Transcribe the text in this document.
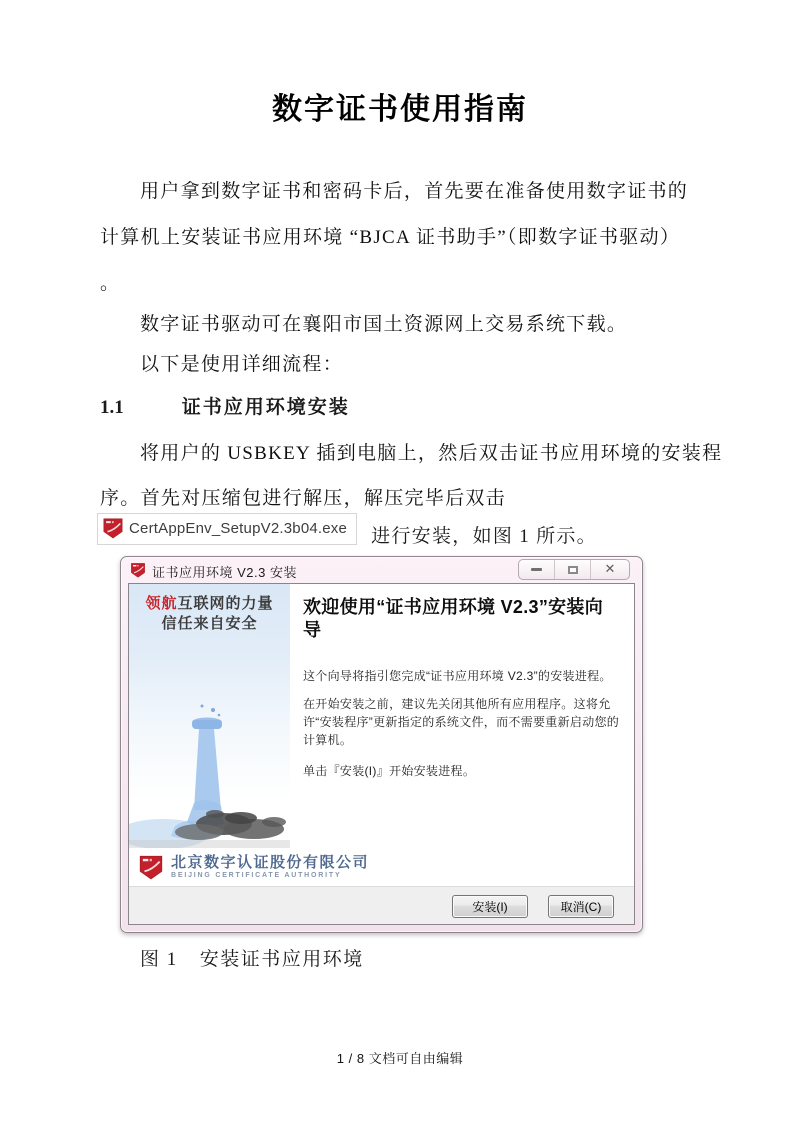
数字证书使用指南
用户拿到数字证书和密码卡后，首先要在准备使用数字证书的
计算机上安装证书应用环境 “BJCA 证书助手”（即数字证书驱动）
。
数字证书驱动可在襄阳市国土资源网上交易系统下载。
以下是使用详细流程：
1.1	证书应用环境安装
将用户的 USBKEY 插到电脑上，然后双击证书应用环境的安装程
序。首先对压缩包进行解压，解压完毕后双击
CertAppEnv_SetupV2.3b04.exe 进行安装，如图 1 所示。
证书应用环境 V2.3 安装	✕
领航互联网的力量
信任来自安全
欢迎使用“证书应用环境 V2.3”安装向导

这个向导将指引您完成“证书应用环境 V2.3”的安装进程。

在开始安装之前，建议先关闭其他所有应用程序。这将允许“安装程序”更新指定的系统文件，而不需要重新启动您的计算机。

单击『安装(I)』开始安装进程。

北京数字认证股份有限公司
BEIJING CERTIFICATE AUTHORITY
安装(I)	取消(C)
图 1 安装证书应用环境
1 / 8 文档可自由编辑
